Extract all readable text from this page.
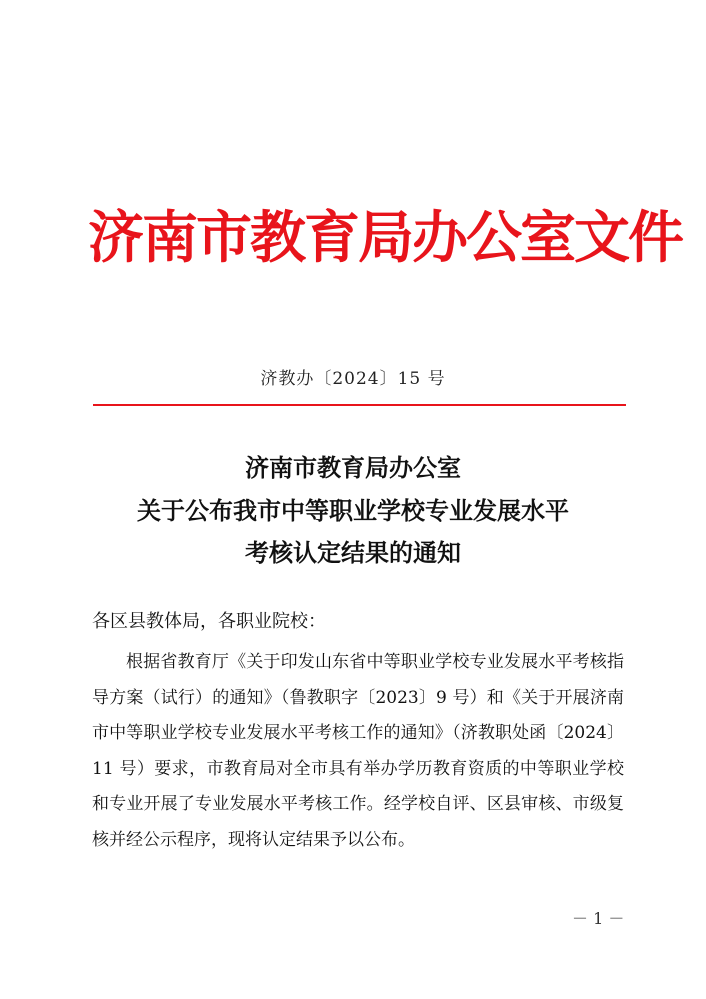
济南市教育局办公室文件
济教办〔2024〕15 号
济南市教育局办公室
关于公布我市中等职业学校专业发展水平
考核认定结果的通知
各区县教体局，各职业院校：
根据省教育厅《关于印发山东省中等职业学校专业发展水平考核指导方案（试行）的通知》（鲁教职字〔2023〕9 号）和《关于开展济南市中等职业学校专业发展水平考核工作的通知》（济教职处函〔2024〕11 号）要求，市教育局对全市具有举办学历教育资质的中等职业学校和专业开展了专业发展水平考核工作。经学校自评、区县审核、市级复核并经公示程序，现将认定结果予以公布。
－ 1 －
